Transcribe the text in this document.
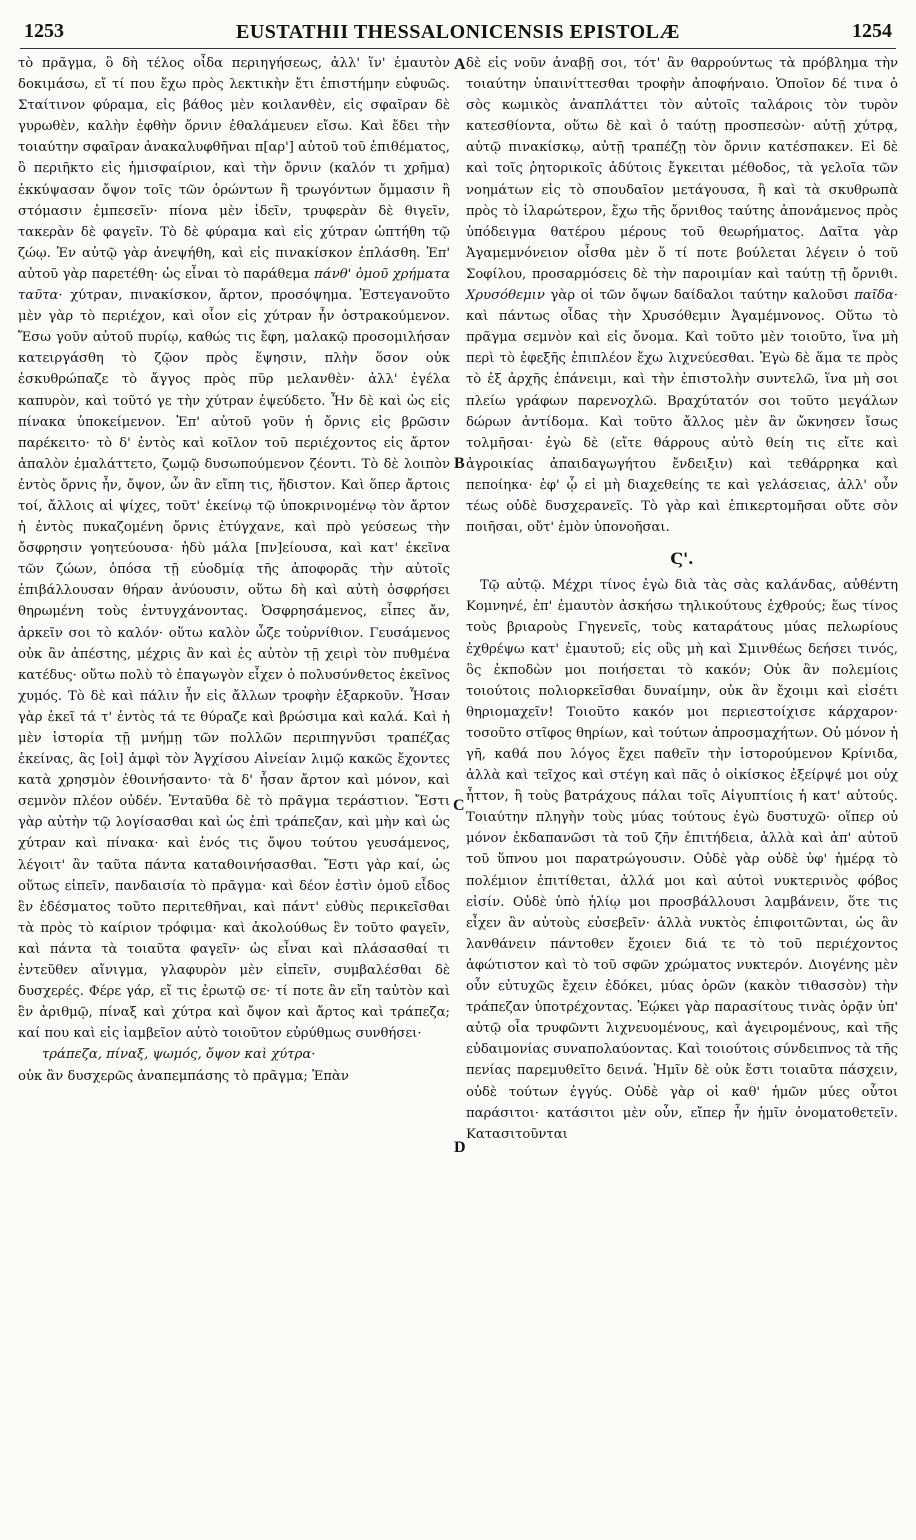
1253	EUSTATHII THESSALONICENSIS EPISTOLÆ	1254
A
B
C
D

τὸ πρᾶγμα, ὃ δὴ τέλος οἶδα περιηγήσεως, ἀλλ' ἵν' ἐμαυτὸν δοκιμάσω, εἴ τί που ἔχω πρὸς λεκτικὴν ἔτι ἐπιστήμην εὐφυῶς. Σταίτινον φύραμα, εἰς βάθος μὲν κοιλανθὲν, εἰς σφαῖραν δὲ γυρωθὲν, καλὴν ἑφθὴν ὄρνιν ἐθαλάμευεν εἴσω. Καὶ ἔδει τὴν τοιαύτην σφαῖραν ἀνακαλυφθῆναι π[αρ'] αὐτοῦ τοῦ ἐπιθέματος, ὃ περιῆκτο εἰς ἡμισφαίριον, καὶ τὴν ὄρνιν (καλόν τι χρῆμα) ἐκκύψασαν ὄψον τοῖς τῶν ὁρώντων ἢ τρωγόντων ὄμμασιν ἢ στόμασιν ἐμπεσεῖν· πίονα μὲν ἰδεῖν, τρυφερὰν δὲ θιγεῖν, τακερὰν δὲ φαγεῖν. Τὸ δὲ φύραμα καὶ εἰς χύτραν ὠπτήθη τῷ ζώῳ. Ἐν αὐτῷ γὰρ ἀνεψήθη, καὶ εἰς πινακίσκον ἐπλάσθη. Ἐπ' αὐτοῦ γὰρ παρετέθη· ὡς εἶναι τὸ παράθεμα πάνθ' ὁμοῦ χρήματα ταῦτα· χύτραν, πινακίσκον, ἄρτον, προσόψημα. Ἐστεγανοῦτο μὲν γὰρ τὸ περιέχον, καὶ οἷον εἰς χύτραν ἦν ὀστρακούμενον. Ἔσω γοῦν αὐτοῦ πυρίῳ, καθώς τις ἔφη, μαλακῷ προσομιλήσαν κατειργάσθη τὸ ζῷον πρὸς ἕψησιν, πλὴν ὅσον οὐκ ἐσκυθρώπαζε τὸ ἄγγος πρὸς πῦρ μελανθὲν· ἀλλ' ἐγέλα καπυρὸν, καὶ τοῦτό γε τὴν χύτραν ἐψεύδετο. Ἦν δὲ καὶ ὡς εἰς πίνακα ὑποκείμενον. Ἐπ' αὐτοῦ γοῦν ἡ ὄρνις εἰς βρῶσιν παρέκειτο· τὸ δ' ἐντὸς καὶ κοῖλον τοῦ περιέχοντος εἰς ἄρτον ἁπαλὸν ἐμαλάττετο, ζωμῷ δυσωπούμενον ζέοντι. Τὸ δὲ λοιπὸν ἐντὸς ὄρνις ἦν, ὄψον, ὧν ἂν εἴπη τις, ἥδιστον. Καὶ ὅπερ ἄρτοις τοί, ἄλλοις αἱ ψίχες, τοῦτ' ἐκείνῳ τῷ ὑποκρινομένῳ τὸν ἄρτον ἡ ἐντὸς πυκαζομένη ὄρνις ἐτύγχανε, καὶ πρὸ γεύσεως τὴν ὄσφρησιν γοητεύουσα· ἡδὺ μάλα [πν]είουσα, καὶ κατ' ἐκεῖνα τῶν ζώων, ὁπόσα τῇ εὐοδμίᾳ τῆς ἀποφορᾶς τὴν αὐτοῖς ἐπιβάλλουσαν θήραν ἀνύουσιν, οὕτω δὴ καὶ αὐτὴ ὀσφρήσει θηρωμένη τοὺς ἐντυγχάνοντας. Ὀσφρησάμενος, εἶπες ἄν, ἀρκεῖν σοι τὸ καλόν· οὕτω καλὸν ὦζε τοὐρνίθιον. Γευσάμενος οὐκ ἂν ἀπέστης, μέχρις ἂν καὶ ἐς αὐτὸν τῇ χειρὶ τὸν πυθμένα κατέδυς· οὕτω πολὺ τὸ ἐπαγωγὸν εἶχεν ὁ πολυσύνθετος ἐκεῖνος χυμός. Τὸ δὲ καὶ πάλιν ἦν εἰς ἄλλων τροφὴν ἐξαρκοῦν. Ἦσαν γὰρ ἐκεῖ τά τ' ἐντὸς τά τε θύραζε καὶ βρώσιμα καὶ καλά. Καὶ ἡ μὲν ἱστορία τῇ μνήμῃ τῶν πολλῶν περιπηγνῦσι τραπέζας ἐκείνας, ἃς [οἱ] ἀμφὶ τὸν Ἀγχίσου Αἰνείαν λιμῷ κακῶς ἔχοντες κατὰ χρησμὸν ἐθοινήσαντο· τὰ δ' ἦσαν ἄρτον καὶ μόνον, καὶ σεμνὸν πλέον οὐδέν. Ἐνταῦθα δὲ τὸ πρᾶγμα τεράστιον. Ἔστι γὰρ αὐτὴν τῷ λογίσασθαι καὶ ὡς ἐπὶ τράπεζαν, καὶ μὴν καὶ ὡς χύτραν καὶ πίνακα· καὶ ἑνός τις ὄψου τούτου γευσάμενος, λέγοιτ' ἂν ταῦτα πάντα καταθοινήσασθαι. Ἔστι γὰρ καί, ὡς οὕτως εἰπεῖν, πανδαισία τὸ πρᾶγμα· καὶ δέον ἐστὶν ὁμοῦ εἶδος ἓν ἐδέσματος τοῦτο περιτεθῆναι, καὶ πάντ' εὐθὺς περικεῖσθαι τὰ πρὸς τὸ καίριον τρόφιμα· καὶ ἀκολούθως ἓν τοῦτο φαγεῖν, καὶ πάντα τὰ τοιαῦτα φαγεῖν· ὡς εἶναι καὶ πλάσασθαί τι ἐντεῦθεν αἴνιγμα, γλαφυρὸν μὲν εἰπεῖν, συμβαλέσθαι δὲ δυσχερές. Φέρε γάρ, εἴ τις ἐρωτῷ σε· τί ποτε ἂν εἴη ταὐτὸν καὶ ἓν ἀριθμῷ, πίναξ καὶ χύτρα καὶ ὄψον καὶ ἄρτος καὶ τράπεζα; καί που καὶ εἰς ἰαμβεῖον αὐτὸ τοιοῦτον εὐρύθμως συνθήσει·

τράπεζα, πίναξ, ψωμός, ὄψον καὶ χύτρα·

οὐκ ἂν δυσχερῶς ἀναπεμπάσης τὸ πρᾶγμα; Ἐπὰν

δὲ εἰς νοῦν ἀναβῇ σοι, τότ' ἂν θαρρούντως τὰ πρόβλημα τὴν τοιαύτην ὑπαινίττεσθαι τροφὴν ἀποφήναιο. Ὁποῖον δέ τινα ὁ σὸς κωμικὸς ἀναπλάττει τὸν αὐτοῖς ταλάροις τὸν τυρὸν κατεσθίοντα, οὕτω δὲ καὶ ὁ ταύτῃ προσπεσὼν· αὐτῇ χύτρᾳ, αὐτῷ πινακίσκῳ, αὐτῇ τραπέζῃ τὸν ὄρνιν κατέσπακεν. Εἰ δὲ καὶ τοῖς ῥητορικοῖς ἀδύτοις ἔγκειται μέθοδος, τὰ γελοῖα τῶν νοημάτων εἰς τὸ σπουδαῖον μετάγουσα, ἢ καὶ τὰ σκυθρωπὰ πρὸς τὸ ἱλαρώτερον, ἔχω τῆς ὄρνιθος ταύτης ἀπονάμενος πρὸς ὑπόδειγμα θατέρου μέρους τοῦ θεωρήματος. Δαῖτα γὰρ Ἀγαμεμνόνειον οἶσθα μὲν ὅ τί ποτε βούλεται λέγειν ὁ τοῦ Σοφίλου, προσαρμόσεις δὲ τὴν παροιμίαν καὶ ταύτῃ τῇ ὄρνιθι. Χρυσόθεμιν γὰρ οἱ τῶν ὄψων δαίδαλοι ταύτην καλοῦσι παῖδα· καὶ πάντως οἶδας τὴν Χρυσόθεμιν Ἀγαμέμνονος. Οὕτω τὸ πρᾶγμα σεμνὸν καὶ εἰς ὄνομα. Καὶ τοῦτο μὲν τοιοῦτο, ἵνα μὴ περὶ τὸ ἐφεξῆς ἐπιπλέον ἔχω λιχνεύεσθαι. Ἐγὼ δὲ ἅμα τε πρὸς τὸ ἐξ ἀρχῆς ἐπάνειμι, καὶ τὴν ἐπιστολὴν συντελῶ, ἵνα μὴ σοι πλείω γράφων παρενοχλῶ. Βραχύτατόν σοι τοῦτο μεγάλων δώρων ἀντίδομα. Καὶ τοῦτο ἄλλος μὲν ἂν ὤκνησεν ἴσως τολμῆσαι· ἐγὼ δὲ (εἴτε θάρρους αὐτὸ θείη τις εἴτε καὶ ἀγροικίας ἀπαιδαγωγήτου ἔνδειξιν) καὶ τεθάρρηκα καὶ πεποίηκα· ἐφ' ᾧ εἰ μὴ διαχεθείης τε καὶ γελάσειας, ἀλλ' οὖν τέως οὐδὲ δυσχερανεῖς. Τὸ γὰρ καὶ ἐπικερτομῆσαι οὔτε σὸν ποιῆσαι, οὔτ' ἐμὸν ὑπονοῆσαι.

Ϛ'.

Τῷ αὐτῷ. Μέχρι τίνος ἐγὼ διὰ τὰς σὰς καλάνδας, αὐθέντη Κομνηνέ, ἐπ' ἐμαυτὸν ἀσκήσω τηλικούτους ἐχθρούς; ἕως τίνος τοὺς βριαροὺς Γηγενεῖς, τοὺς καταράτους μύας πελωρίους ἐχθρέψω κατ' ἐμαυτοῦ; εἰς οὓς μὴ καὶ Σμινθέως δεήσει τινός, ὃς ἐκποδὼν μοι ποιήσεται τὸ κακόν; Οὐκ ἂν πολεμίοις τοιούτοις πολιορκεῖσθαι δυναίμην, οὐκ ἂν ἔχοιμι καὶ εἰσέτι θηριομαχεῖν! Τοιοῦτο κακόν μοι περιεστοίχισε κάρχαρον· τοσοῦτο στῖφος θηρίων, καὶ τούτων ἀπροσμαχήτων. Οὐ μόνον ἡ γῆ, καθά που λόγος ἔχει παθεῖν τὴν ἱστορούμενον Κρίνιδα, ἀλλὰ καὶ τεῖχος καὶ στέγη καὶ πᾶς ὁ οἰκίσκος ἐξείρψέ μοι οὐχ ἧττον, ἢ τοὺς βατράχους πάλαι τοῖς Αἰγυπτίοις ἡ κατ' αὐτούς. Τοιαύτην πληγὴν τοὺς μύας τούτους ἐγὼ δυστυχῶ· οἵπερ οὐ μόνον ἐκδαπανῶσι τὰ τοῦ ζῆν ἐπιτήδεια, ἀλλὰ καὶ ἀπ' αὐτοῦ τοῦ ὕπνου μοι παρατρώγουσιν. Οὐδὲ γὰρ οὐδὲ ὑφ' ἡμέρᾳ τὸ πολέμιον ἐπιτίθεται, ἀλλά μοι καὶ αὐτοὶ νυκτερινὸς φόβος εἰσίν. Οὐδὲ ὑπὸ ἡλίῳ μοι προσβάλλουσι λαμβάνειν, ὅτε τις εἶχεν ἂν αὐτοὺς εὐσεβεῖν· ἀλλὰ νυκτὸς ἐπιφοιτῶνται, ὡς ἂν λανθάνειν πάντοθεν ἔχοιεν διά τε τὸ τοῦ περιέχοντος ἀφώτιστον καὶ τὸ τοῦ σφῶν χρώματος νυκτερόν. Διογένης μὲν οὖν εὐτυχῶς ἔχειν ἐδόκει, μύας ὁρῶν (κακὸν τιθασσὸν) τὴν τράπεζαν ὑποτρέχοντας. Ἐῴκει γὰρ παρασίτους τινὰς ὁρᾷν ὑπ' αὐτῷ οἷα τρυφῶντι λιχνευομένους, καὶ ἀγειρομένους, καὶ τῆς εὐδαιμονίας συναπολαύοντας. Καὶ τοιούτοις σύνδειπνος τὰ τῆς πενίας παρεμυθεῖτο δεινά. Ἡμῖν δὲ οὐκ ἔστι τοιαῦτα πάσχειν, οὐδὲ τούτων ἐγγύς. Οὐδὲ γὰρ οἱ καθ' ἡμῶν μύες οὗτοι παράσιτοι· κατάσιτοι μὲν οὖν, εἴπερ ἦν ἡμῖν ὀνοματοθετεῖν. Κατασιτοῦνται
